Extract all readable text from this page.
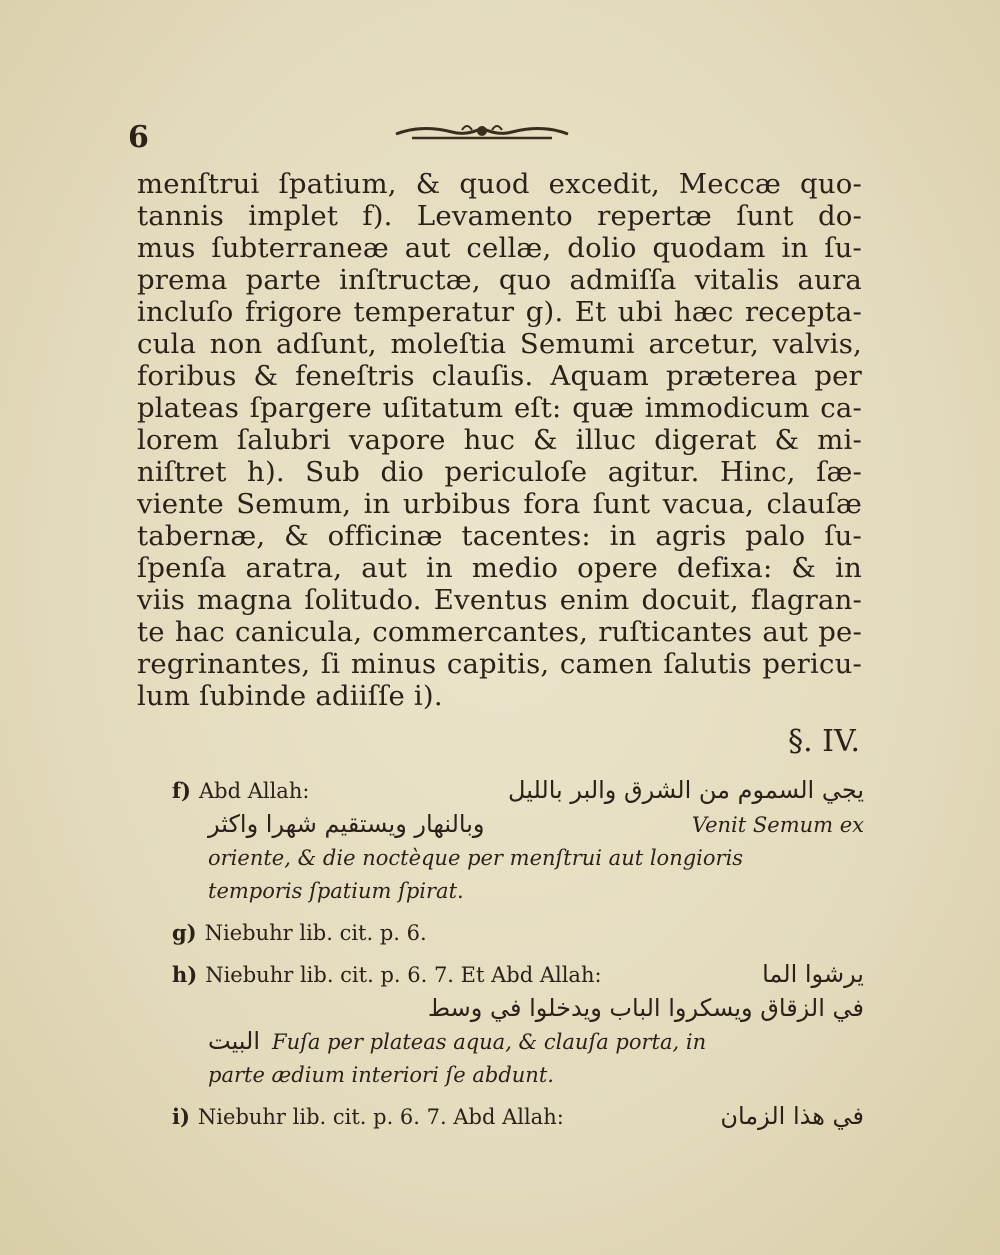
6
menſtrui ſpatium, & quod excedit, Meccæ quo-
tannis implet f). Levamento repertæ ſunt do-
mus ſubterraneæ aut cellæ, dolio quodam in ſu-
prema parte inſtructæ, quo admiſſa vitalis aura
incluſo frigore temperatur g). Et ubi hæc recepta-
cula non adſunt, moleſtia Semumi arcetur, valvis,
foribus & feneſtris clauſis. Aquam præterea per
plateas ſpargere uſitatum eſt: quæ immodicum ca-
lorem ſalubri vapore huc & illuc digerat & mi-
niſtret h). Sub dio periculoſe agitur. Hinc, ſæ-
viente Semum, in urbibus fora ſunt vacua, clauſæ
tabernæ, & officinæ tacentes: in agris palo ſu-
ſpenſa aratra, aut in medio opere defixa: & in
viis magna ſolitudo. Eventus enim docuit, flagran-
te hac canicula, commercantes, ruſticantes aut pe-
regrinantes, ſi minus capitis, camen ſalutis pericu-
lum ſubinde adiiſſe i).
§. IV.
f) Abd Allah:	يجي السموم من الشرق والبر بالليل
وبالنهار ويستقيم شهرا واكثر	Venit Semum ex
oriente, & die noctèque per menſtrui aut longioris
temporis ſpatium ſpirat.
g) Niebuhr lib. cit. p. 6.
h) Niebuhr lib. cit. p. 6. 7. Et Abd Allah:	يرشوا الما
في الزقاق ويسكروا الباب ويدخلوا في وسط
البيت Fuſa per plateas aqua, & clauſa porta, in
parte ædium interiori ſe abdunt.
i) Niebuhr lib. cit. p. 6. 7. Abd Allah:	في هذا الزمان
